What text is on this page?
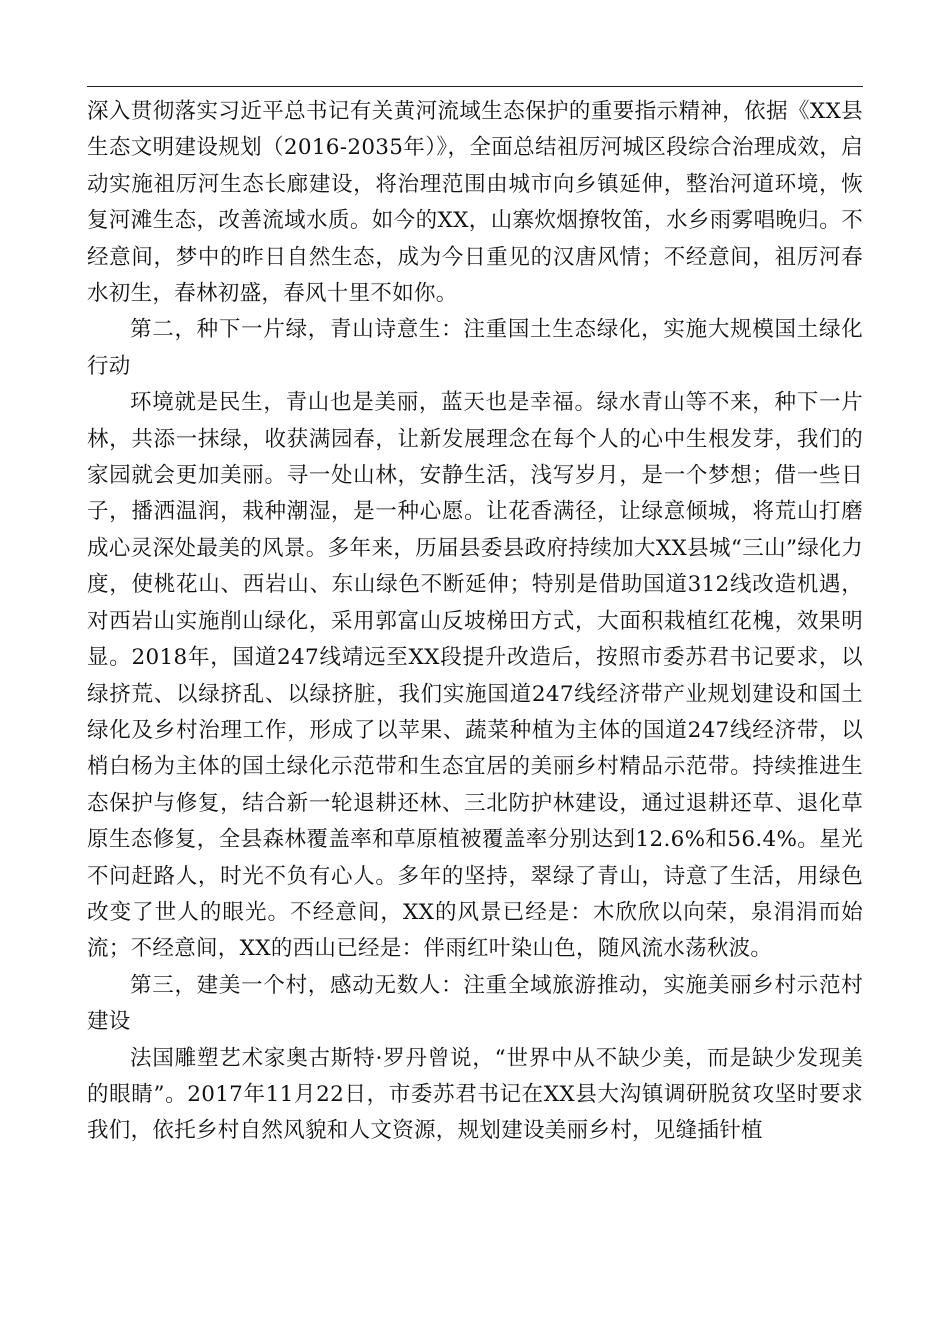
深入贯彻落实习近平总书记有关黄河流域生态保护的重要指示精神，依据《XX县生态文明建设规划（2016-2035年）》，全面总结祖厉河城区段综合治理成效，启动实施祖厉河生态长廊建设，将治理范围由城市向乡镇延伸，整治河道环境，恢复河滩生态，改善流域水质。如今的XX，山寨炊烟撩牧笛，水乡雨雾唱晚归。不经意间，梦中的昨日自然生态，成为今日重见的汉唐风情；不经意间，祖厉河春水初生，春林初盛，春风十里不如你。

第二，种下一片绿，青山诗意生：注重国土生态绿化，实施大规模国土绿化行动

环境就是民生，青山也是美丽，蓝天也是幸福。绿水青山等不来，种下一片林，共添一抹绿，收获满园春，让新发展理念在每个人的心中生根发芽，我们的家园就会更加美丽。寻一处山林，安静生活，浅写岁月，是一个梦想；借一些日子，播洒温润，栽种潮湿，是一种心愿。让花香满径，让绿意倾城，将荒山打磨成心灵深处最美的风景。多年来，历届县委县政府持续加大XX县城“三山”绿化力度，使桃花山、西岩山、东山绿色不断延伸；特别是借助国道312线改造机遇，对西岩山实施削山绿化，采用郭富山反坡梯田方式，大面积栽植红花槐，效果明显。2018年，国道247线靖远至XX段提升改造后，按照市委苏君书记要求，以绿挤荒、以绿挤乱、以绿挤脏，我们实施国道247线经济带产业规划建设和国土绿化及乡村治理工作，形成了以苹果、蔬菜种植为主体的国道247线经济带，以梢白杨为主体的国土绿化示范带和生态宜居的美丽乡村精品示范带。持续推进生态保护与修复，结合新一轮退耕还林、三北防护林建设，通过退耕还草、退化草原生态修复，全县森林覆盖率和草原植被覆盖率分别达到12.6%和56.4%。星光不问赶路人，时光不负有心人。多年的坚持，翠绿了青山，诗意了生活，用绿色改变了世人的眼光。不经意间，XX的风景已经是：木欣欣以向荣，泉涓涓而始流；不经意间，XX的西山已经是：伴雨红叶染山色，随风流水荡秋波。

第三，建美一个村，感动无数人：注重全域旅游推动，实施美丽乡村示范村建设

法国雕塑艺术家奥古斯特·罗丹曾说，“世界中从不缺少美，而是缺少发现美的眼睛”。2017年11月22日，市委苏君书记在XX县大沟镇调研脱贫攻坚时要求我们，依托乡村自然风貌和人文资源，规划建设美丽乡村，见缝插针植
